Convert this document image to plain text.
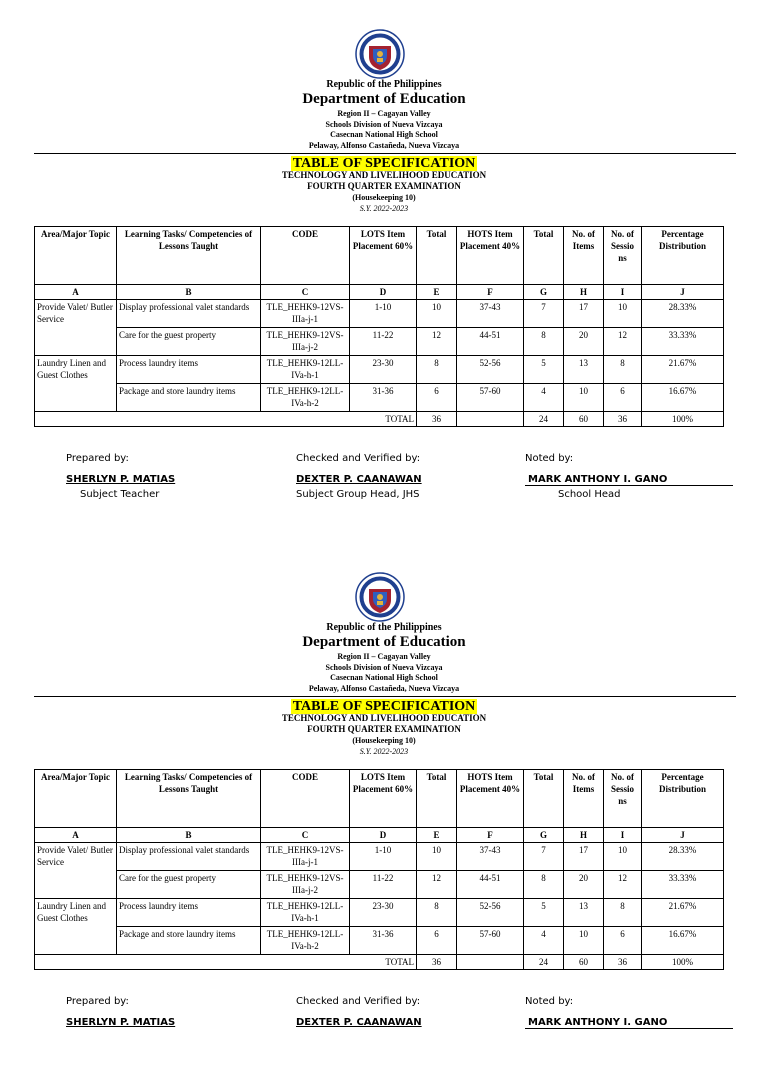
Republic of the Philippines
Department of Education
Region II – Cagayan Valley
Schools Division of Nueva Vizcaya
Casecnan National High School
Pelaway, Alfonso Castañeda, Nueva Vizcaya
TABLE OF SPECIFICATION
TECHNOLOGY AND LIVELIHOOD EDUCATION
FOURTH QUARTER EXAMINATION
(Housekeeping 10)
S.Y. 2022-2023
Area/Major Topic	Learning Tasks/ Competencies of Lessons Taught	CODE	LOTS Item Placement 60%	Total	HOTS Item Placement 40%	Total	No. of Items	No. of Sessio ns	Percentage Distribution
A	B	C	D	E	F	G	H	I	J
Provide Valet/ Butler Service	Display professional valet standards	TLE_HEHK9-12VS-IIIa-j-1	1-10	10	37-43	7	17	10	28.33%
	Care for the guest property	TLE_HEHK9-12VS-IIIa-j-2	11-22	12	44-51	8	20	12	33.33%
Laundry Linen and Guest Clothes	Process laundry items	TLE_HEHK9-12LL-IVa-h-1	23-30	8	52-56	5	13	8	21.67%
	Package and store laundry items	TLE_HEHK9-12LL-IVa-h-2	31-36	6	57-60	4	10	6	16.67%
TOTAL				36		24	60	36	100%
Prepared by:
SHERLYN P. MATIAS
Subject Teacher
Checked and Verified by:
DEXTER P. CAANAWAN
Subject Group Head, JHS
Noted by:
MARK ANTHONY I. GANO
School Head
Republic of the Philippines
Department of Education
Region II – Cagayan Valley
Schools Division of Nueva Vizcaya
Casecnan National High School
Pelaway, Alfonso Castañeda, Nueva Vizcaya
TABLE OF SPECIFICATION
TECHNOLOGY AND LIVELIHOOD EDUCATION
FOURTH QUARTER EXAMINATION
(Housekeeping 10)
S.Y. 2022-2023
Area/Major Topic	Learning Tasks/ Competencies of Lessons Taught	CODE	LOTS Item Placement 60%	Total	HOTS Item Placement 40%	Total	No. of Items	No. of Sessio ns	Percentage Distribution
A	B	C	D	E	F	G	H	I	J
Provide Valet/ Butler Service	Display professional valet standards	TLE_HEHK9-12VS-IIIa-j-1	1-10	10	37-43	7	17	10	28.33%
	Care for the guest property	TLE_HEHK9-12VS-IIIa-j-2	11-22	12	44-51	8	20	12	33.33%
Laundry Linen and Guest Clothes	Process laundry items	TLE_HEHK9-12LL-IVa-h-1	23-30	8	52-56	5	13	8	21.67%
	Package and store laundry items	TLE_HEHK9-12LL-IVa-h-2	31-36	6	57-60	4	10	6	16.67%
TOTAL				36		24	60	36	100%
Prepared by:
SHERLYN P. MATIAS
Checked and Verified by:
DEXTER P. CAANAWAN
Noted by:
MARK ANTHONY I. GANO
